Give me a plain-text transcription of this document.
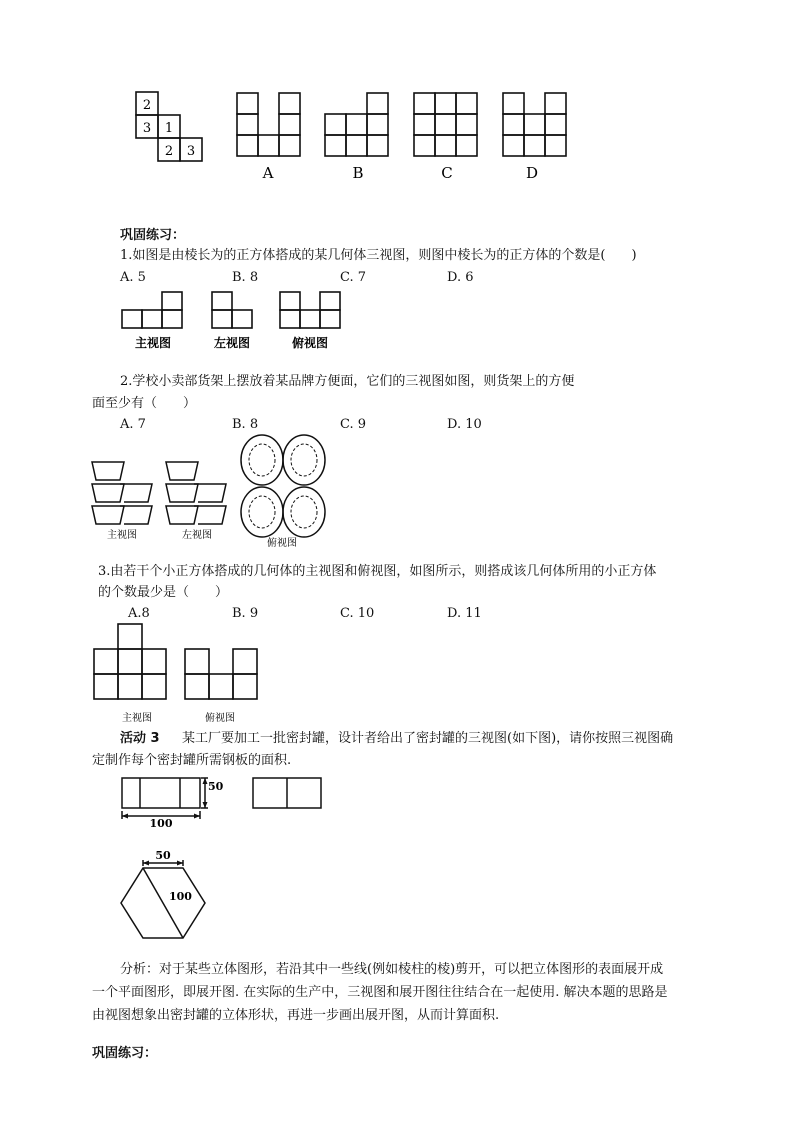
2
3 1
2 3
A	B	C	D
巩固练习：
1.如图是由棱长为的正方体搭成的某几何体三视图，则图中棱长为的正方体的个数是(　　)
A. 5	B. 8	C. 7	D. 6
主视图	左视图	俯视图
2.学校小卖部货架上摆放着某品牌方便面，它们的三视图如图，则货架上的方便
面至少有（　　）
A. 7	B. 8	C. 9	D. 10
主视图	左视图
俯视图
3.由若干个小正方体搭成的几何体的主视图和俯视图，如图所示，则搭成该几何体所用的小正方体
的个数最少是（　　）
A.8	B. 9	C. 10	D. 11
主视图	俯视图
活动 3 某工厂要加工一批密封罐，设计者给出了密封罐的三视图(如下图)，请你按照三视图确
定制作每个密封罐所需钢板的面积.
50
100
50
100
分析：对于某些立体图形，若沿其中一些线(例如棱柱的棱)剪开，可以把立体图形的表面展开成
一个平面图形，即展开图. 在实际的生产中，三视图和展开图往往结合在一起使用. 解决本题的思路是
由视图想象出密封罐的立体形状，再进一步画出展开图，从而计算面积.
巩固练习：
